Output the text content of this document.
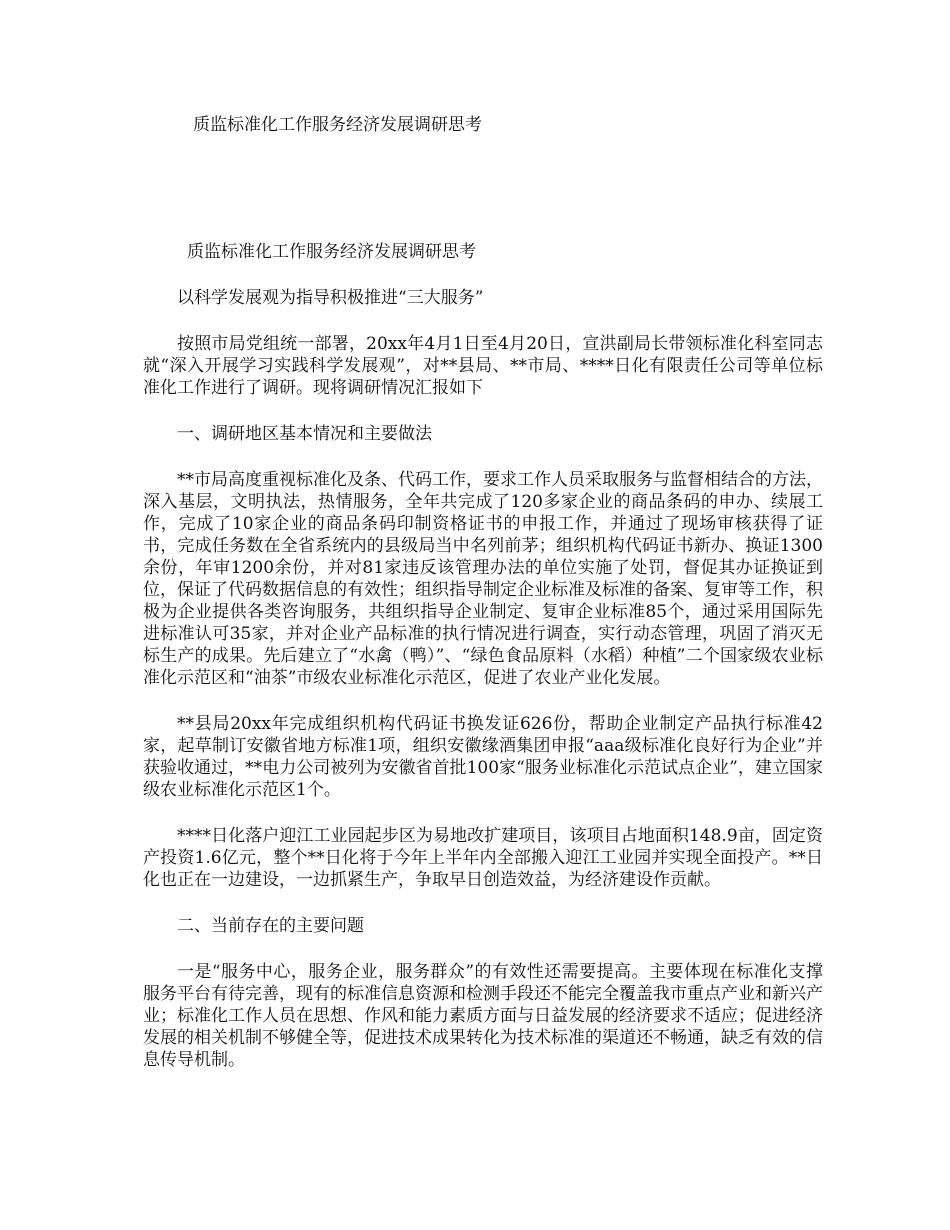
质监标准化工作服务经济发展调研思考

质监标准化工作服务经济发展调研思考

以科学发展观为指导积极推进“三大服务”

按照市局党组统一部署，20xx年4月1日至4月20日，宣洪副局长带领标准化科室同志就“深入开展学习实践科学发展观”，对**县局、**市局、****日化有限责任公司等单位标准化工作进行了调研。现将调研情况汇报如下

一、调研地区基本情况和主要做法

**市局高度重视标准化及条、代码工作，要求工作人员采取服务与监督相结合的方法，深入基层，文明执法，热情服务，全年共完成了120多家企业的商品条码的申办、续展工作，完成了10家企业的商品条码印制资格证书的申报工作，并通过了现场审核获得了证书，完成任务数在全省系统内的县级局当中名列前茅；组织机构代码证书新办、换证1300余份，年审1200余份，并对81家违反该管理办法的单位实施了处罚，督促其办证换证到位，保证了代码数据信息的有效性；组织指导制定企业标准及标准的备案、复审等工作，积极为企业提供各类咨询服务，共组织指导企业制定、复审企业标准85个，通过采用国际先进标准认可35家，并对企业产品标准的执行情况进行调查，实行动态管理，巩固了消灭无标生产的成果。先后建立了“水禽（鸭）”、“绿色食品原料（水稻）种植”二个国家级农业标准化示范区和“油茶”市级农业标准化示范区，促进了农业产业化发展。

**县局20xx年完成组织机构代码证书换发证626份，帮助企业制定产品执行标准42家，起草制订安徽省地方标准1项，组织安徽缘酒集团申报“aaa级标准化良好行为企业”并获验收通过，**电力公司被列为安徽省首批100家“服务业标准化示范试点企业”，建立国家级农业标准化示范区1个。

****日化落户迎江工业园起步区为易地改扩建项目，该项目占地面积148.9亩，固定资产投资1.6亿元，整个**日化将于今年上半年内全部搬入迎江工业园并实现全面投产。**日化也正在一边建设，一边抓紧生产，争取早日创造效益，为经济建设作贡献。

二、当前存在的主要问题

一是“服务中心，服务企业，服务群众”的有效性还需要提高。主要体现在标准化支撑服务平台有待完善，现有的标准信息资源和检测手段还不能完全覆盖我市重点产业和新兴产业；标准化工作人员在思想、作风和能力素质方面与日益发展的经济要求不适应；促进经济发展的相关机制不够健全等，促进技术成果转化为技术标准的渠道还不畅通，缺乏有效的信息传导机制。
